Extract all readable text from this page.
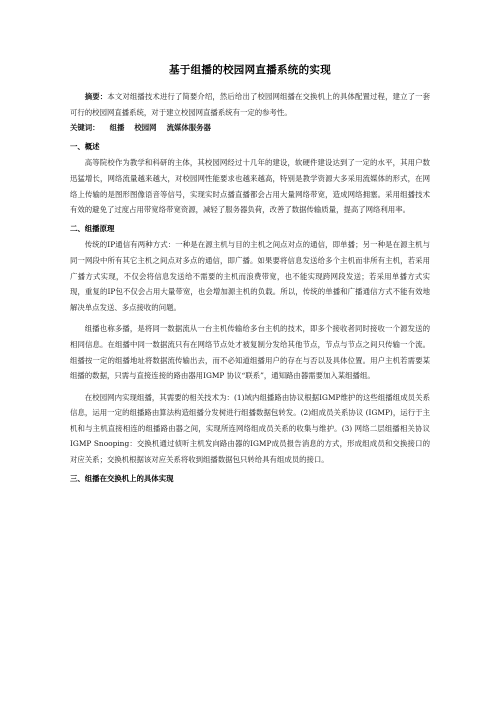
基于组播的校园网直播系统的实现

摘要：本文对组播技术进行了简要介绍，然后给出了校园网组播在交换机上的具体配置过程，建立了一套可行的校园网直播系统，对于建立校园网直播系统有一定的参考性。

关键词： 组播 校园网 流媒体服务器

一、概述

高等院校作为教学和科研的主体，其校园网经过十几年的建设，软硬件建设达到了一定的水平，其用户数迅猛增长，网络流量越来越大，对校园网性能要求也越来越高，特别是教学资源大多采用流媒体的形式，在网络上传输的是图形图像语音等信号，实现实时点播直播都会占用大量网络带宽，造成网络拥塞。采用组播技术有效的避免了过度占用带宽络带宽资源，减轻了服务器负荷，改善了数据传输质量，提高了网络利用率。

二、组播原理

传统的IP通信有两种方式：一种是在源主机与目的主机之间点对点的通信，即单播；另一种是在源主机与同一网段中所有其它主机之间点对多点的通信，即广播。如果要将信息发送给多个主机而非所有主机，若采用广播方式实现，不仅会将信息发送给不需要的主机而浪费带宽，也不能实现跨网段发送；若采用单播方式实现，重复的IP包不仅会占用大量带宽，也会增加源主机的负载。所以，传统的单播和广播通信方式不能有效地解决单点发送、多点接收的问题。

组播也称多播，是将同一数据流从一台主机传输给多台主机的技术，即多个接收者同时接收一个源发送的相同信息。在组播中同一数据流只有在网络节点处才被复制分发给其他节点，节点与节点之间只传输一个流。组播按一定的组播地址将数据流传输出去，而不必知道组播用户的存在与否以及具体位置。用户主机若需要某组播的数据，只需与直接连接的路由器用IGMP 协议“联系”，通知路由器需要加入某组播组。

在校园网内实现组播，其需要的相关技术为：(1)域内组播路由协议根据IGMP维护的这些组播组成员关系信息，运用一定的组播路由算法构造组播分发树进行组播数据包转发。(2)组成员关系协议 (IGMP)，运行于主机和与主机直接相连的组播路由器之间，实现所连网络组成员关系的收集与维护。(3) 网络二层组播相关协议IGMP Snooping：交换机通过侦听主机发向路由器的IGMP成员报告消息的方式，形成组成员和交换接口的对应关系；交换机根据该对应关系将收到组播数据包只转给具有组成员的接口。

三、组播在交换机上的具体实现
